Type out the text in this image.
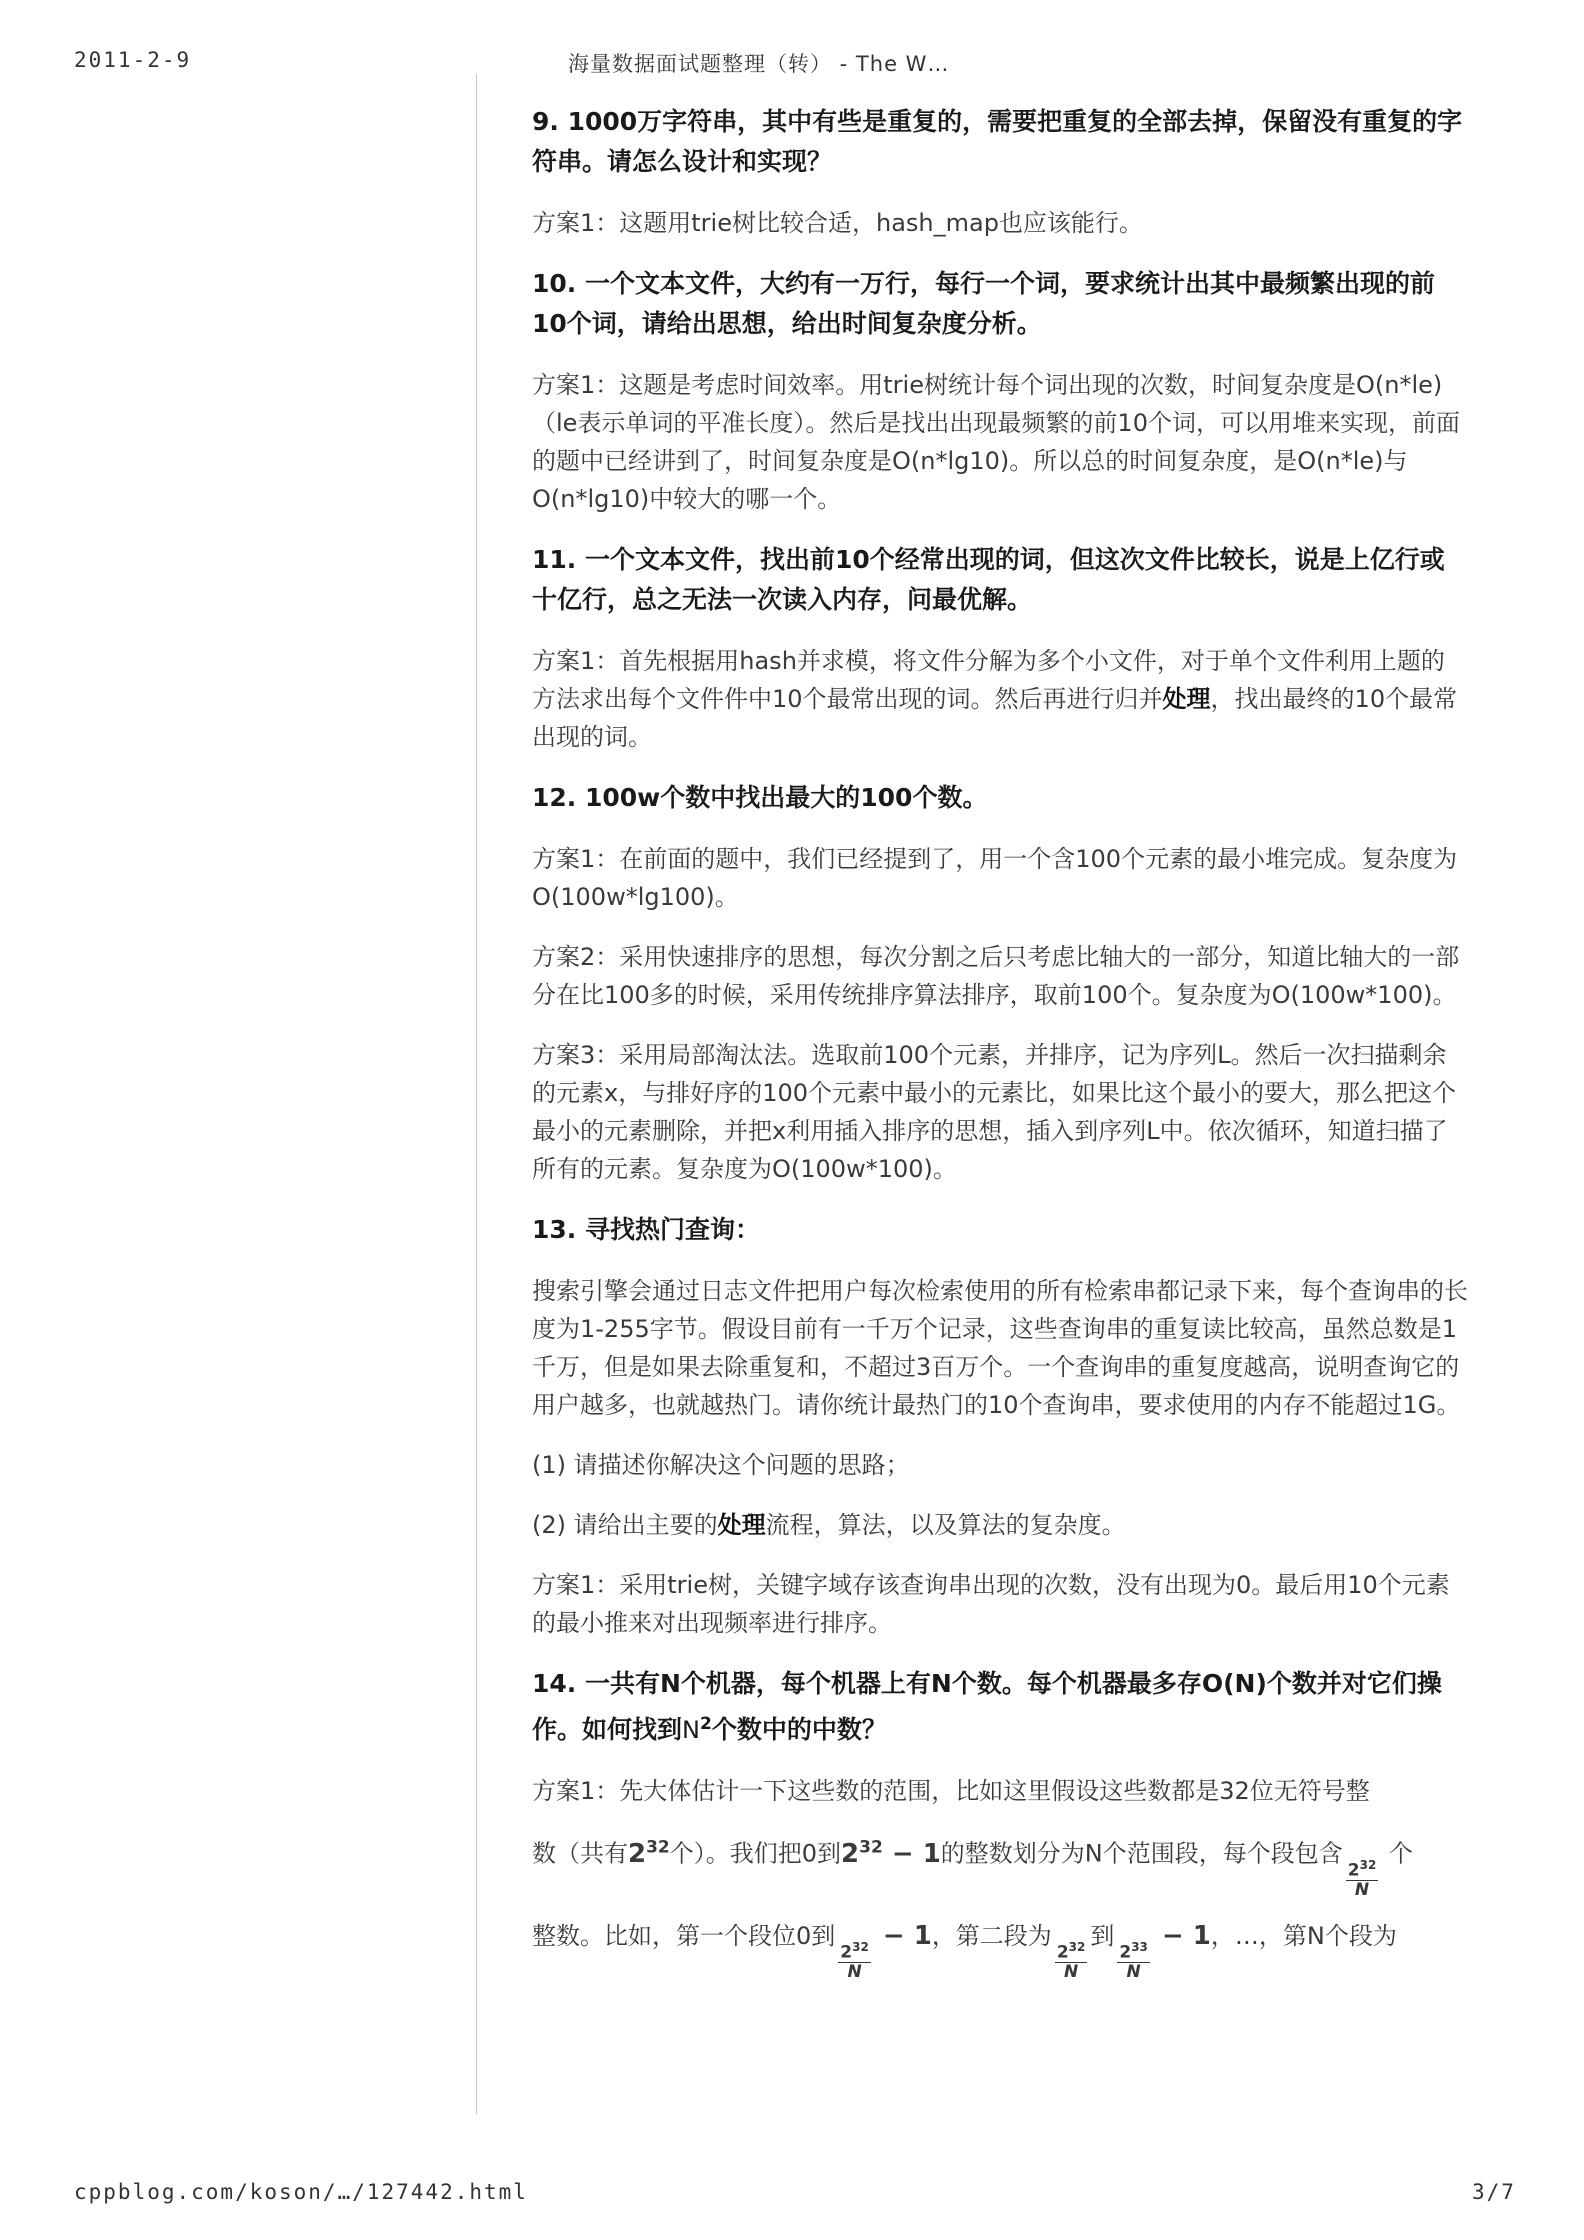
2011-2-9	海量数据面试题整理（转） - The W…
9. 1000万字符串，其中有些是重复的，需要把重复的全部去掉，保留没有重复的字符串。请怎么设计和实现？
方案1：这题用trie树比较合适，hash_map也应该能行。
10. 一个文本文件，大约有一万行，每行一个词，要求统计出其中最频繁出现的前10个词，请给出思想，给出时间复杂度分析。
方案1：这题是考虑时间效率。用trie树统计每个词出现的次数，时间复杂度是O(n*le)（le表示单词的平准长度）。然后是找出出现最频繁的前10个词，可以用堆来实现，前面的题中已经讲到了，时间复杂度是O(n*lg10)。所以总的时间复杂度，是O(n*le)与O(n*lg10)中较大的哪一个。
11. 一个文本文件，找出前10个经常出现的词，但这次文件比较长，说是上亿行或十亿行，总之无法一次读入内存，问最优解。
方案1：首先根据用hash并求模，将文件分解为多个小文件，对于单个文件利用上题的方法求出每个文件件中10个最常出现的词。然后再进行归并处理，找出最终的10个最常出现的词。
12. 100w个数中找出最大的100个数。
方案1：在前面的题中，我们已经提到了，用一个含100个元素的最小堆完成。复杂度为O(100w*lg100)。
方案2：采用快速排序的思想，每次分割之后只考虑比轴大的一部分，知道比轴大的一部分在比100多的时候，采用传统排序算法排序，取前100个。复杂度为O(100w*100)。
方案3：采用局部淘汰法。选取前100个元素，并排序，记为序列L。然后一次扫描剩余的元素x，与排好序的100个元素中最小的元素比，如果比这个最小的要大，那么把这个最小的元素删除，并把x利用插入排序的思想，插入到序列L中。依次循环，知道扫描了所有的元素。复杂度为O(100w*100)。
13. 寻找热门查询：
搜索引擎会通过日志文件把用户每次检索使用的所有检索串都记录下来，每个查询串的长度为1-255字节。假设目前有一千万个记录，这些查询串的重复读比较高，虽然总数是1千万，但是如果去除重复和，不超过3百万个。一个查询串的重复度越高，说明查询它的用户越多，也就越热门。请你统计最热门的10个查询串，要求使用的内存不能超过1G。
(1) 请描述你解决这个问题的思路；
(2) 请给出主要的处理流程，算法，以及算法的复杂度。
方案1：采用trie树，关键字域存该查询串出现的次数，没有出现为0。最后用10个元素的最小推来对出现频率进行排序。
14. 一共有N个机器，每个机器上有N个数。每个机器最多存O(N)个数并对它们操作。如何找到$N^2$个数中的中数？
方案1：先大体估计一下这些数的范围，比如这里假设这些数都是32位无符号整
数（共有$2^{32}$个）。我们把0到$2^{32} - 1$的整数划分为N个范围段，每个段包含
$\frac{2^{32}}{N}$
个
整数。比如，第一个段位0到
$\frac{2^{32}}{N}$
− 1，第二段为
$\frac{2^{32}}{N}$
到
$\frac{2^{33}}{N}$
− 1，…，第N个段为
cppblog.com/koson/…/127442.html	3/7
